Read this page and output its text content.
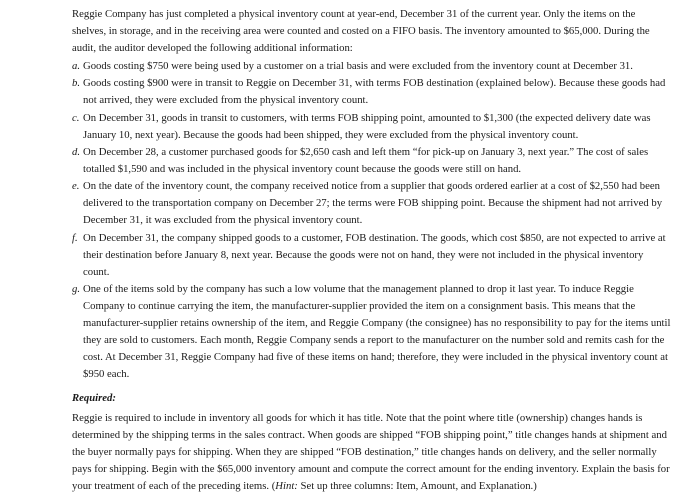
Reggie Company has just completed a physical inventory count at year-end, December 31 of the current year. Only the items on the shelves, in storage, and in the receiving area were counted and costed on a FIFO basis. The inventory amounted to $65,000. During the audit, the auditor developed the following additional information:

a. Goods costing $750 were being used by a customer on a trial basis and were excluded from the inventory count at December 31.
b. Goods costing $900 were in transit to Reggie on December 31, with terms FOB destination (explained below). Because these goods had not arrived, they were excluded from the physical inventory count.
c. On December 31, goods in transit to customers, with terms FOB shipping point, amounted to $1,300 (the expected delivery date was January 10, next year). Because the goods had been shipped, they were excluded from the physical inventory count.
d. On December 28, a customer purchased goods for $2,650 cash and left them “for pick-up on January 3, next year.” The cost of sales totalled $1,590 and was included in the physical inventory count because the goods were still on hand.
e. On the date of the inventory count, the company received notice from a supplier that goods ordered earlier at a cost of $2,550 had been delivered to the transportation company on December 27; the terms were FOB shipping point. Because the shipment had not arrived by December 31, it was excluded from the physical inventory count.
f. On December 31, the company shipped goods to a customer, FOB destination. The goods, which cost $850, are not expected to arrive at their destination before January 8, next year. Because the goods were not on hand, they were not included in the physical inventory count.
g. One of the items sold by the company has such a low volume that the management planned to drop it last year. To induce Reggie Company to continue carrying the item, the manufacturer-supplier provided the item on a consignment basis. This means that the manufacturer-supplier retains ownership of the item, and Reggie Company (the consignee) has no responsibility to pay for the items until they are sold to customers. Each month, Reggie Company sends a report to the manufacturer on the number sold and remits cash for the cost. At December 31, Reggie Company had five of these items on hand; therefore, they were included in the physical inventory count at $950 each.

Required:

Reggie is required to include in inventory all goods for which it has title. Note that the point where title (ownership) changes hands is determined by the shipping terms in the sales contract. When goods are shipped “FOB shipping point,” title changes hands at shipment and the buyer normally pays for shipping. When they are shipped “FOB destination,” title changes hands on delivery, and the seller normally pays for shipping. Begin with the $65,000 inventory amount and compute the correct amount for the ending inventory. Explain the basis for your treatment of each of the preceding items. (Hint: Set up three columns: Item, Amount, and Explanation.)
